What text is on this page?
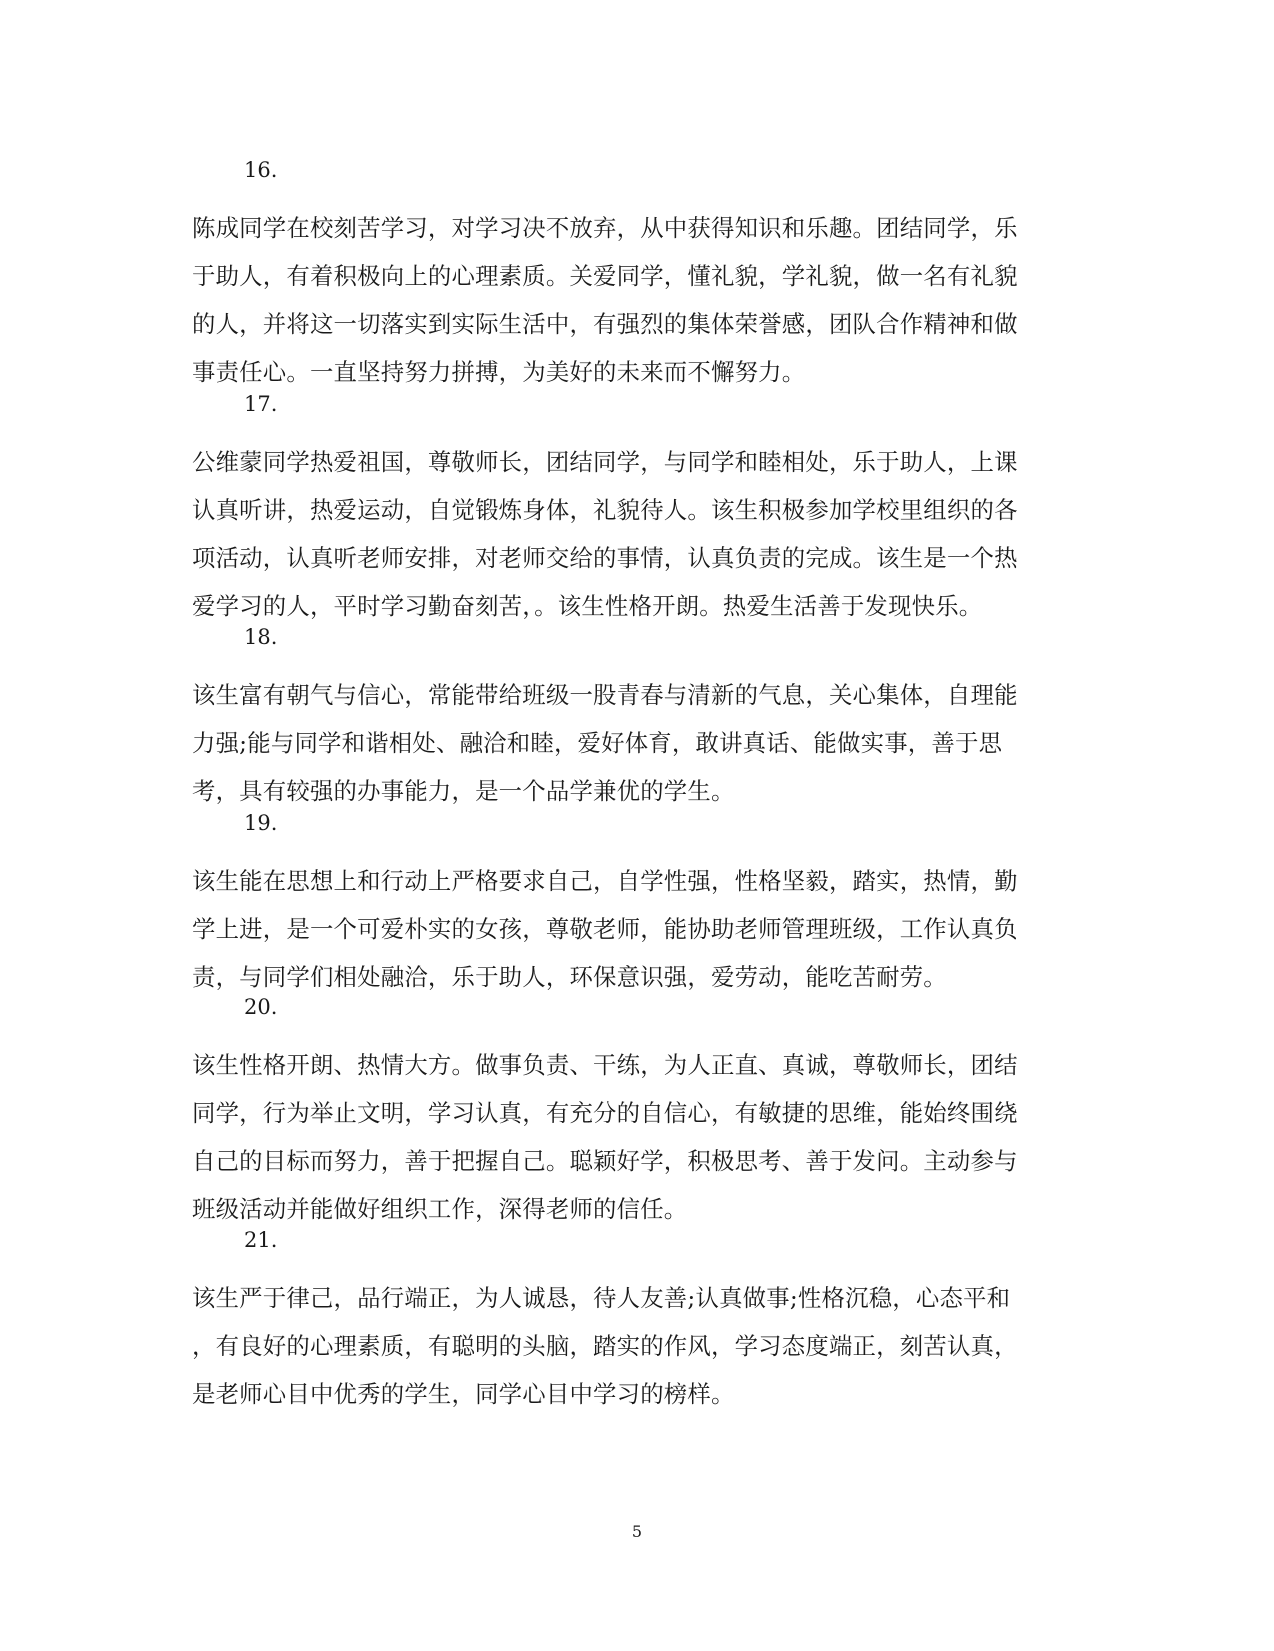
16.
陈成同学在校刻苦学习，对学习决不放弃，从中获得知识和乐趣。团结同学，乐
于助人，有着积极向上的心理素质。关爱同学，懂礼貌，学礼貌，做一名有礼貌
的人，并将这一切落实到实际生活中，有强烈的集体荣誉感，团队合作精神和做
事责任心。一直坚持努力拼搏，为美好的未来而不懈努力。
17.
公维蒙同学热爱祖国，尊敬师长，团结同学，与同学和睦相处，乐于助人，上课
认真听讲，热爱运动，自觉锻炼身体，礼貌待人。该生积极参加学校里组织的各
项活动，认真听老师安排，对老师交给的事情，认真负责的完成。该生是一个热
爱学习的人，平时学习勤奋刻苦，。该生性格开朗。热爱生活善于发现快乐。
18.
该生富有朝气与信心，常能带给班级一股青春与清新的气息，关心集体，自理能
力强;能与同学和谐相处、融洽和睦，爱好体育，敢讲真话、能做实事，善于思
考，具有较强的办事能力，是一个品学兼优的学生。
19.
该生能在思想上和行动上严格要求自己，自学性强，性格坚毅，踏实，热情，勤
学上进，是一个可爱朴实的女孩，尊敬老师，能协助老师管理班级，工作认真负
责，与同学们相处融洽，乐于助人，环保意识强，爱劳动，能吃苦耐劳。
20.
该生性格开朗、热情大方。做事负责、干练，为人正直、真诚，尊敬师长，团结
同学，行为举止文明，学习认真，有充分的自信心，有敏捷的思维，能始终围绕
自己的目标而努力，善于把握自己。聪颖好学，积极思考、善于发问。主动参与
班级活动并能做好组织工作，深得老师的信任。
21.
该生严于律己，品行端正，为人诚恳，待人友善;认真做事;性格沉稳，心态平和
，有良好的心理素质，有聪明的头脑，踏实的作风，学习态度端正，刻苦认真，
是老师心目中优秀的学生，同学心目中学习的榜样。
5
